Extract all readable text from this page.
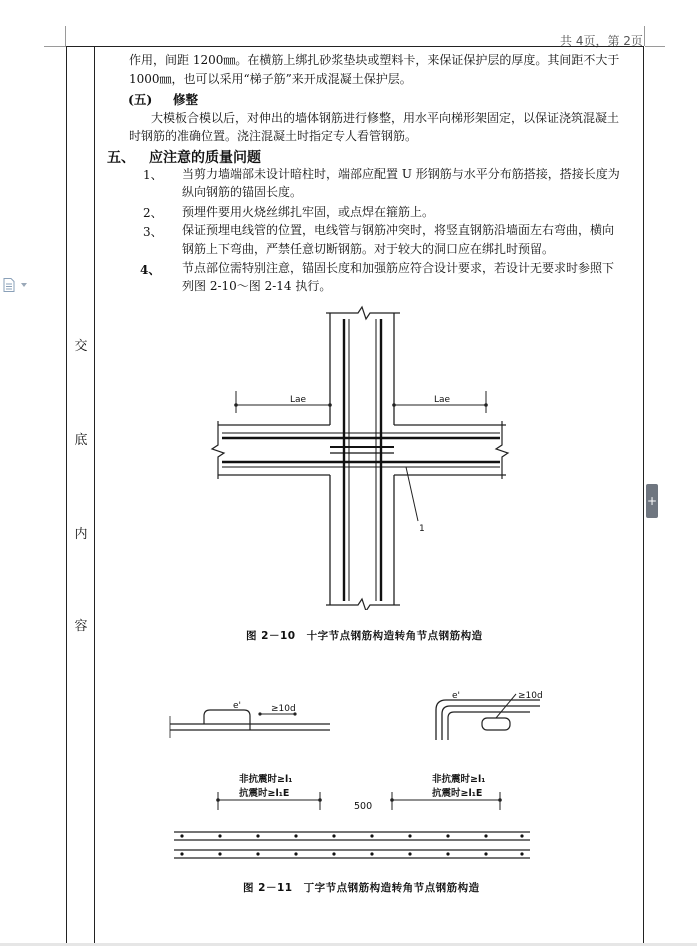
共 4页，第 2页
+
交
底
内
容
作用，间距 1200㎜。在横筋上绑扎砂浆垫块或塑料卡，来保证保护层的厚度。其间距不大于
1000㎜，也可以采用“梯子筋”来开成混凝土保护层。
(五) 修整
大模板合模以后，对伸出的墙体钢筋进行修整，用水平向梯形架固定，以保证浇筑混凝土
时钢筋的准确位置。浇注混凝土时指定专人看管钢筋。
五、 应注意的质量问题
1、 当剪力墙端部未设计暗柱时，端部应配置 U 形钢筋与水平分布筋搭接，搭接长度为
纵向钢筋的锚固长度。
2、 预埋件要用火烧丝绑扎牢固，或点焊在箍筋上。
3、 保证预埋电线管的位置，电线管与钢筋冲突时，将竖直钢筋沿墙面左右弯曲，横向
钢筋上下弯曲，严禁任意切断钢筋。对于较大的洞口应在绑扎时预留。
4、 节点部位需特别注意，锚固长度和加强筋应符合设计要求，若设计无要求时参照下
列图 2-10～图 2-14 执行。
Lae	Lae
1
图 2－10　十字节点钢筋构造转角节点钢筋构造
e'	≥10d
e'	≥10d
非抗震时≥l₁
抗震时≥l₁E
非抗震时≥l₁
抗震时≥l₁E
500
图 2－11　丁字节点钢筋构造转角节点钢筋构造
